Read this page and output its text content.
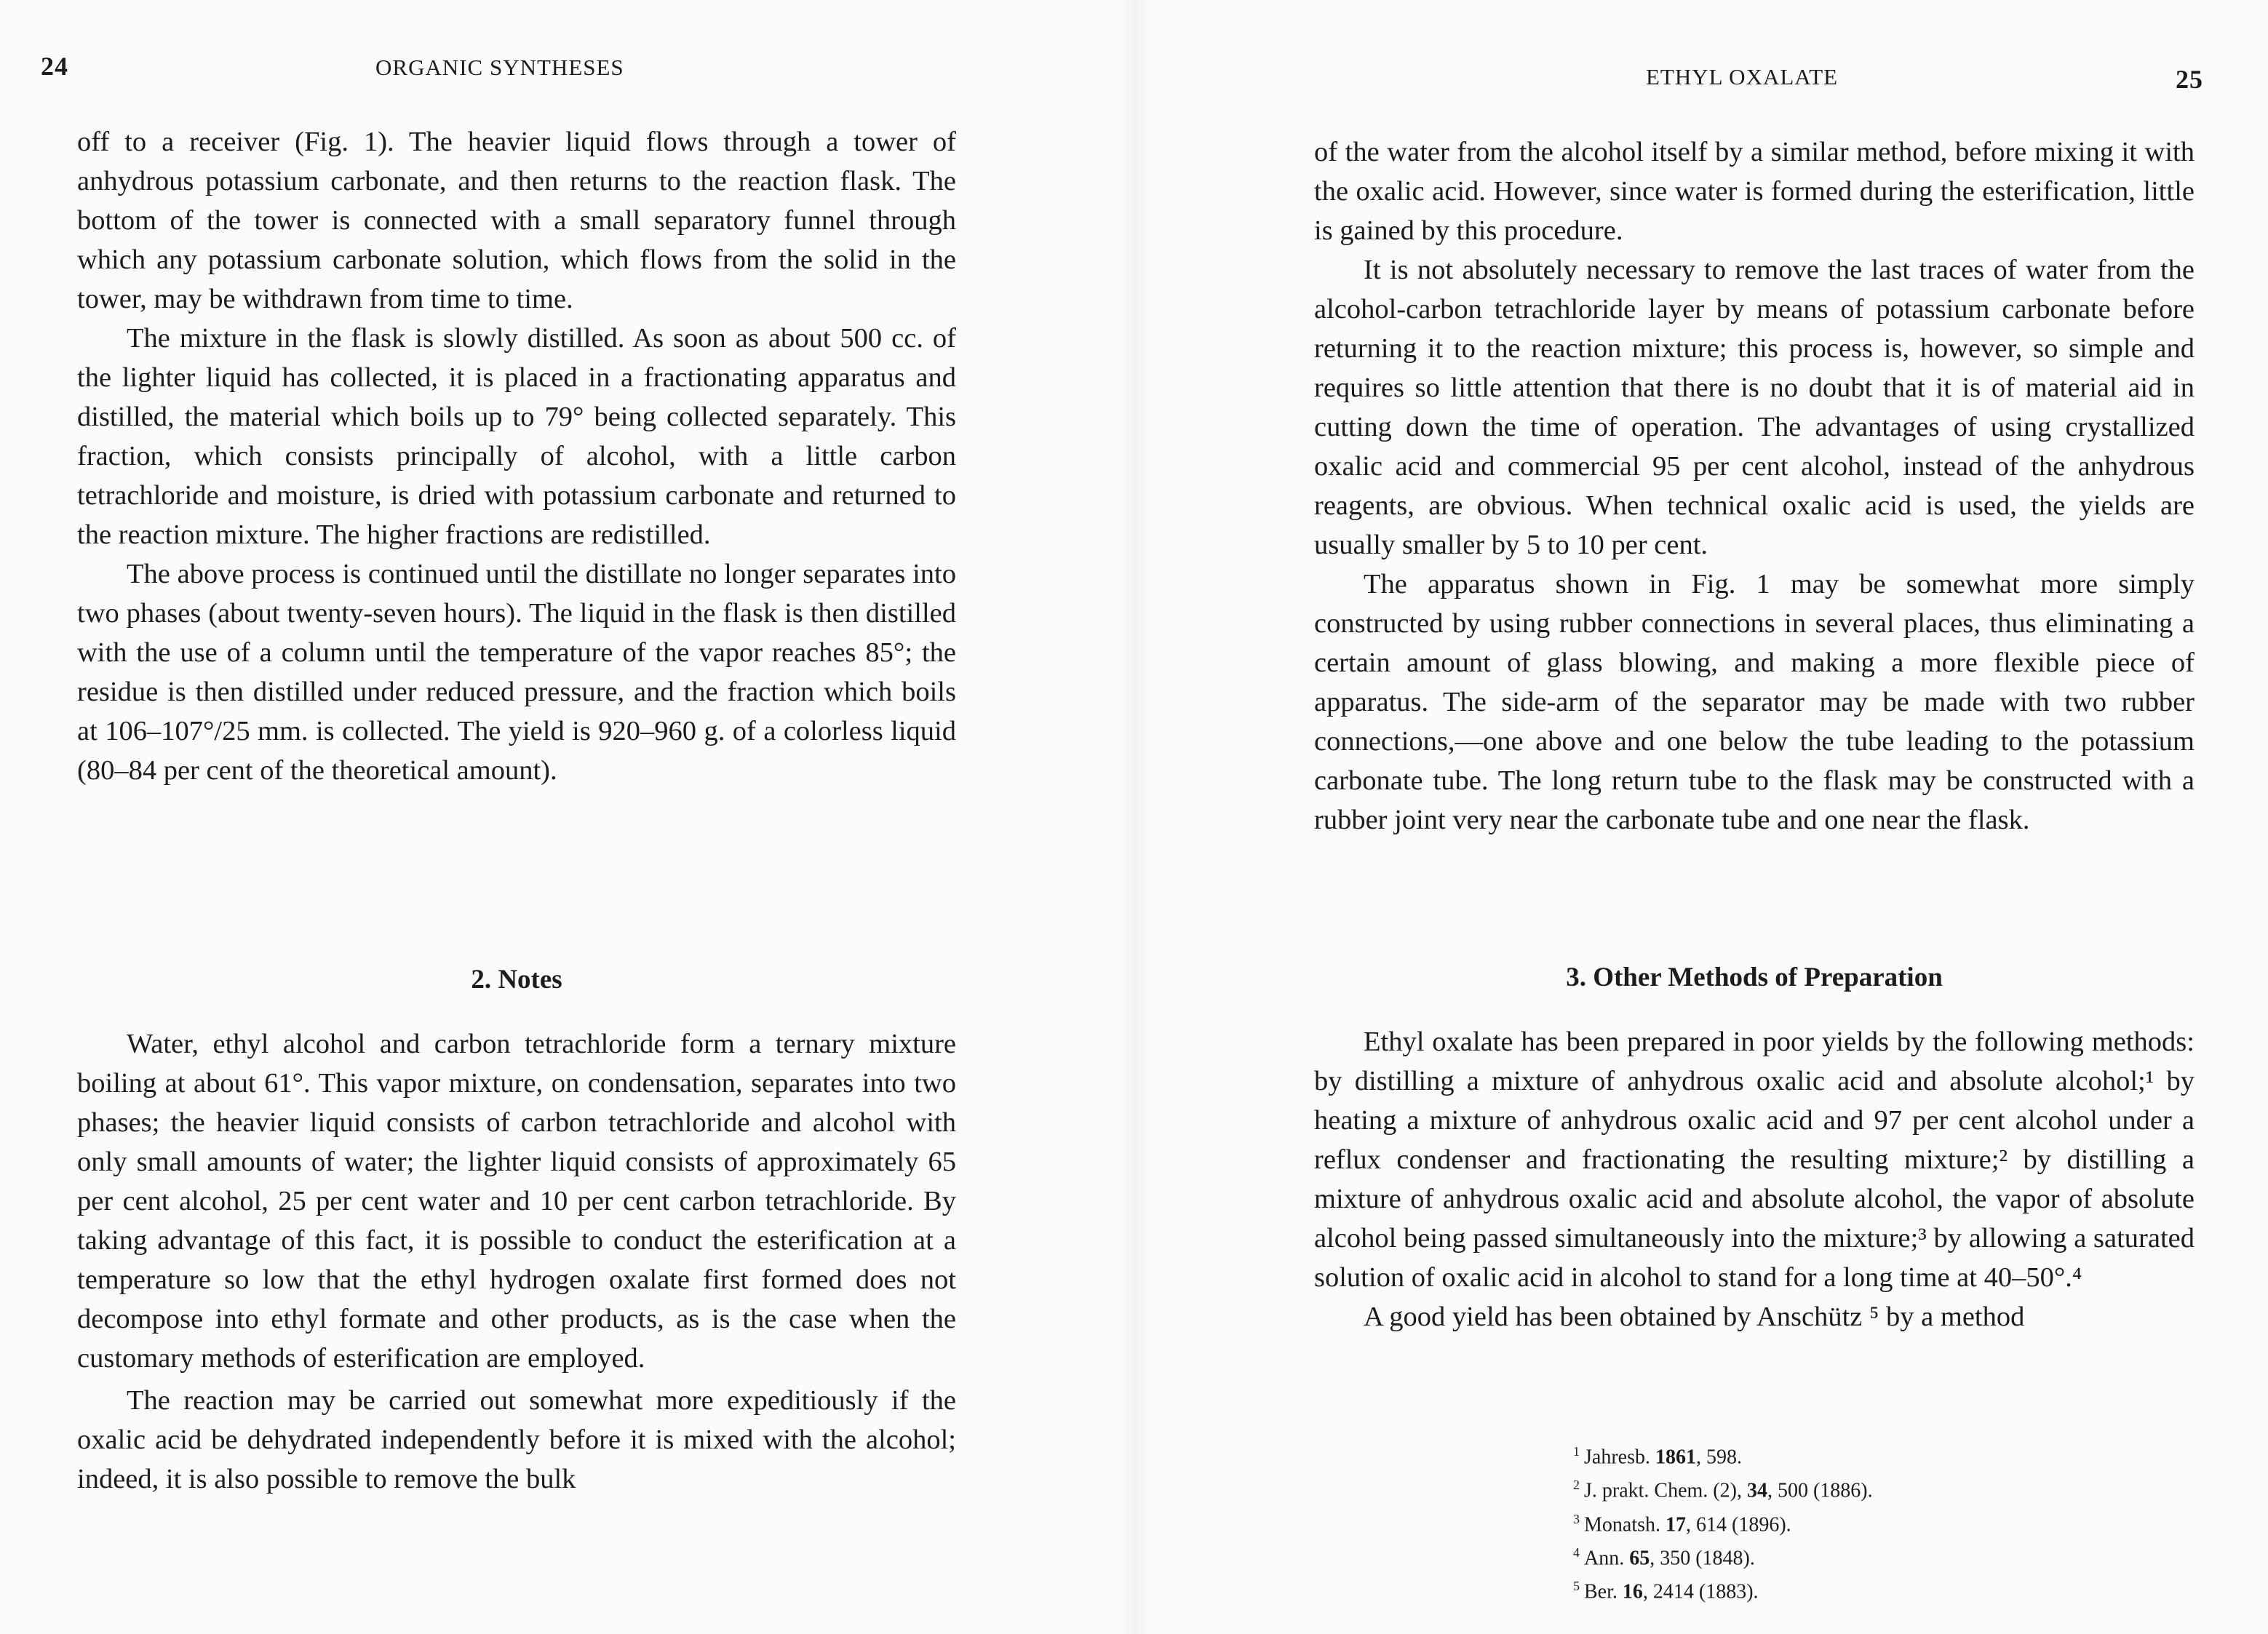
24	ORGANIC SYNTHESES

off to a receiver (Fig. 1). The heavier liquid flows through a tower of anhydrous potassium carbonate, and then returns to the reaction flask. The bottom of the tower is connected with a small separatory funnel through which any potassium carbonate solution, which flows from the solid in the tower, may be withdrawn from time to time.

The mixture in the flask is slowly distilled. As soon as about 500 cc. of the lighter liquid has collected, it is placed in a fractionating apparatus and distilled, the material which boils up to 79° being collected separately. This fraction, which consists principally of alcohol, with a little carbon tetrachloride and moisture, is dried with potassium carbonate and returned to the reaction mixture. The higher fractions are redistilled.

The above process is continued until the distillate no longer separates into two phases (about twenty-seven hours). The liquid in the flask is then distilled with the use of a column until the temperature of the vapor reaches 85°; the residue is then distilled under reduced pressure, and the fraction which boils at 106–107°/25 mm. is collected. The yield is 920–960 g. of a colorless liquid (80–84 per cent of the theoretical amount).

2. Notes

Water, ethyl alcohol and carbon tetrachloride form a ternary mixture boiling at about 61°. This vapor mixture, on condensation, separates into two phases; the heavier liquid consists of carbon tetrachloride and alcohol with only small amounts of water; the lighter liquid consists of approximately 65 per cent alcohol, 25 per cent water and 10 per cent carbon tetrachloride. By taking advantage of this fact, it is possible to conduct the esterification at a temperature so low that the ethyl hydrogen oxalate first formed does not decompose into ethyl formate and other products, as is the case when the customary methods of esterification are employed.

The reaction may be carried out somewhat more expeditiously if the oxalic acid be dehydrated independently before it is mixed with the alcohol; indeed, it is also possible to remove the bulk

ETHYL OXALATE	25

of the water from the alcohol itself by a similar method, before mixing it with the oxalic acid. However, since water is formed during the esterification, little is gained by this procedure.

It is not absolutely necessary to remove the last traces of water from the alcohol-carbon tetrachloride layer by means of potassium carbonate before returning it to the reaction mixture; this process is, however, so simple and requires so little attention that there is no doubt that it is of material aid in cutting down the time of operation. The advantages of using crystallized oxalic acid and commercial 95 per cent alcohol, instead of the anhydrous reagents, are obvious. When technical oxalic acid is used, the yields are usually smaller by 5 to 10 per cent.

The apparatus shown in Fig. 1 may be somewhat more simply constructed by using rubber connections in several places, thus eliminating a certain amount of glass blowing, and making a more flexible piece of apparatus. The side-arm of the separator may be made with two rubber connections,—one above and one below the tube leading to the potassium carbonate tube. The long return tube to the flask may be constructed with a rubber joint very near the carbonate tube and one near the flask.

3. Other Methods of Preparation

Ethyl oxalate has been prepared in poor yields by the following methods: by distilling a mixture of anhydrous oxalic acid and absolute alcohol;¹ by heating a mixture of anhydrous oxalic acid and 97 per cent alcohol under a reflux condenser and fractionating the resulting mixture;² by distilling a mixture of anhydrous oxalic acid and absolute alcohol, the vapor of absolute alcohol being passed simultaneously into the mixture;³ by allowing a saturated solution of oxalic acid in alcohol to stand for a long time at 40–50°.⁴

A good yield has been obtained by Anschütz ⁵ by a method

$^1$ Jahresb. 1861, 598.
$^2$ J. prakt. Chem. (2), 34, 500 (1886).
$^3$ Monatsh. 17, 614 (1896).
$^4$ Ann. 65, 350 (1848).
$^5$ Ber. 16, 2414 (1883).
